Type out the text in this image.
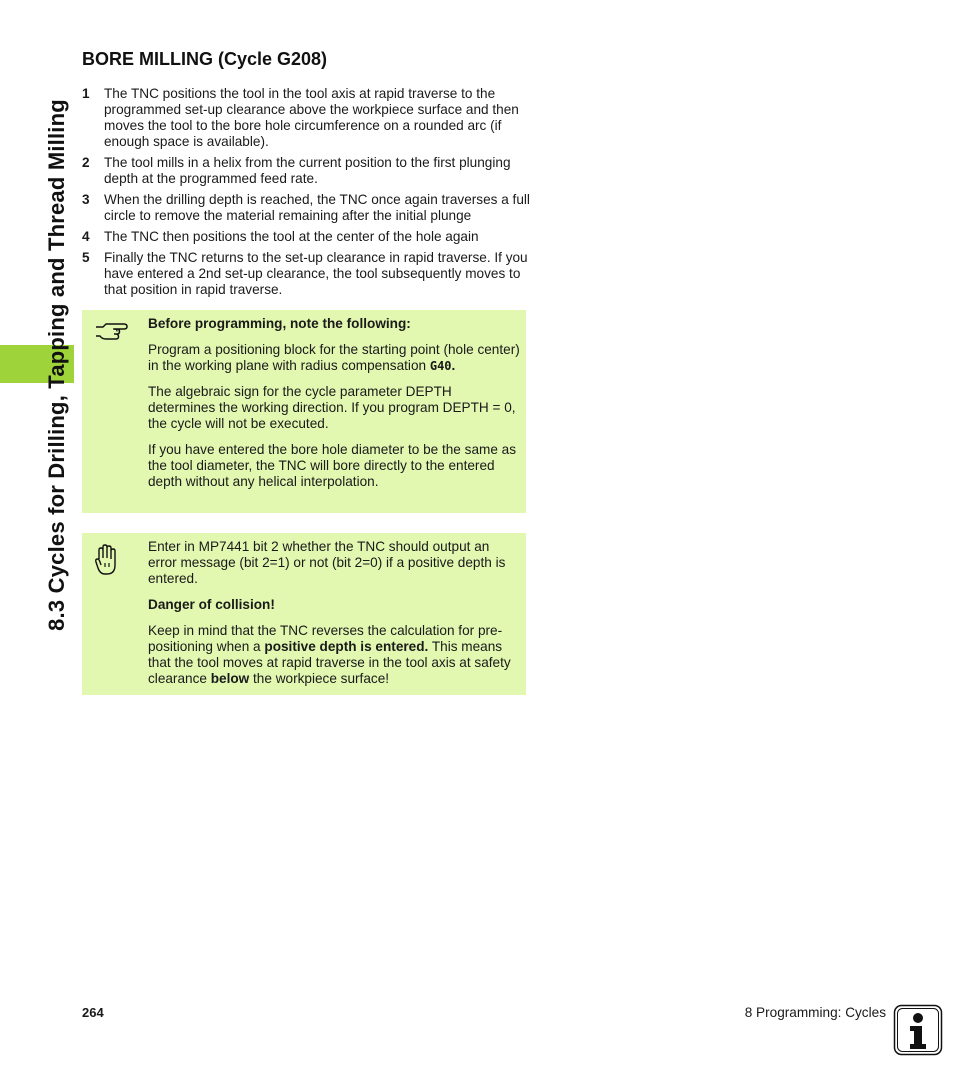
8.3 Cycles for Drilling, Tapping and Thread Milling
BORE MILLING (Cycle G208)
1	The TNC positions the tool in the tool axis at rapid traverse to the programmed set-up clearance above the workpiece surface and then moves the tool to the bore hole circumference on a rounded arc (if enough space is available).
2	The tool mills in a helix from the current position to the first plunging depth at the programmed feed rate.
3	When the drilling depth is reached, the TNC once again traverses a full circle to remove the material remaining after the initial plunge
4	The TNC then positions the tool at the center of the hole again
5	Finally the TNC returns to the set-up clearance in rapid traverse. If you have entered a 2nd set-up clearance, the tool subsequently moves to that position in rapid traverse.

Before programming, note the following:

Program a positioning block for the starting point (hole center) in the working plane with radius compensation G40.

The algebraic sign for the cycle parameter DEPTH determines the working direction. If you program DEPTH = 0, the cycle will not be executed.

If you have entered the bore hole diameter to be the same as the tool diameter, the TNC will bore directly to the entered depth without any helical interpolation.

Enter in MP7441 bit 2 whether the TNC should output an error message (bit 2=1) or not (bit 2=0) if a positive depth is entered.

Danger of collision!

Keep in mind that the TNC reverses the calculation for pre-positioning when a positive depth is entered. This means that the tool moves at rapid traverse in the tool axis at safety clearance below the workpiece surface!

264	8 Programming: Cycles
